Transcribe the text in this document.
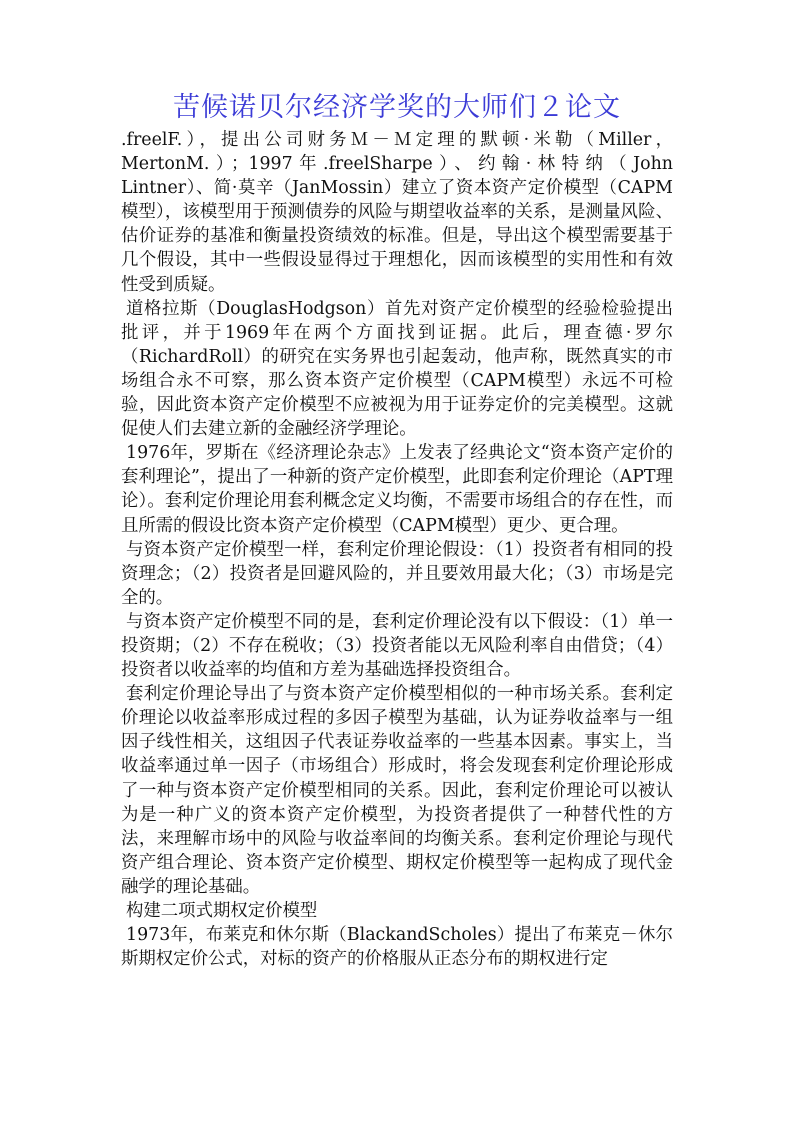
苦候诺贝尔经济学奖的大师们２论文

.freelF.），提出公司财务Ｍ－Ｍ定理的默顿·米勒（Miller，MertonM.）；1997年.freelSharpe）、约翰·林特纳（John Lintner）、简·莫辛（JanMossin）建立了资本资产定价模型（CAPM模型），该模型用于预测债券的风险与期望收益率的关系，是测量风险、估价证券的基准和衡量投资绩效的标准。但是，导出这个模型需要基于几个假设，其中一些假设显得过于理想化，因而该模型的实用性和有效性受到质疑。

道格拉斯（DouglasHodgson）首先对资产定价模型的经验检验提出批评，并于1969年在两个方面找到证据。此后，理查德·罗尔（RichardRoll）的研究在实务界也引起轰动，他声称，既然真实的市场组合永不可察，那么资本资产定价模型（CAPM模型）永远不可检验，因此资本资产定价模型不应被视为用于证券定价的完美模型。这就促使人们去建立新的金融经济学理论。

1976年，罗斯在《经济理论杂志》上发表了经典论文“资本资产定价的套利理论”，提出了一种新的资产定价模型，此即套利定价理论（APT理论）。套利定价理论用套利概念定义均衡，不需要市场组合的存在性，而且所需的假设比资本资产定价模型（CAPM模型）更少、更合理。

与资本资产定价模型一样，套利定价理论假设：（1）投资者有相同的投资理念；（2）投资者是回避风险的，并且要效用最大化；（3）市场是完全的。

与资本资产定价模型不同的是，套利定价理论没有以下假设：（1）单一投资期；（2）不存在税收；（3）投资者能以无风险利率自由借贷；（4）投资者以收益率的均值和方差为基础选择投资组合。

套利定价理论导出了与资本资产定价模型相似的一种市场关系。套利定价理论以收益率形成过程的多因子模型为基础，认为证券收益率与一组因子线性相关，这组因子代表证券收益率的一些基本因素。事实上，当收益率通过单一因子（市场组合）形成时，将会发现套利定价理论形成了一种与资本资产定价模型相同的关系。因此，套利定价理论可以被认为是一种广义的资本资产定价模型，为投资者提供了一种替代性的方法，来理解市场中的风险与收益率间的均衡关系。套利定价理论与现代资产组合理论、资本资产定价模型、期权定价模型等一起构成了现代金融学的理论基础。

构建二项式期权定价模型

1973年，布莱克和休尔斯（BlackandScholes）提出了布莱克－休尔斯期权定价公式，对标的资产的价格服从正态分布的期权进行定
